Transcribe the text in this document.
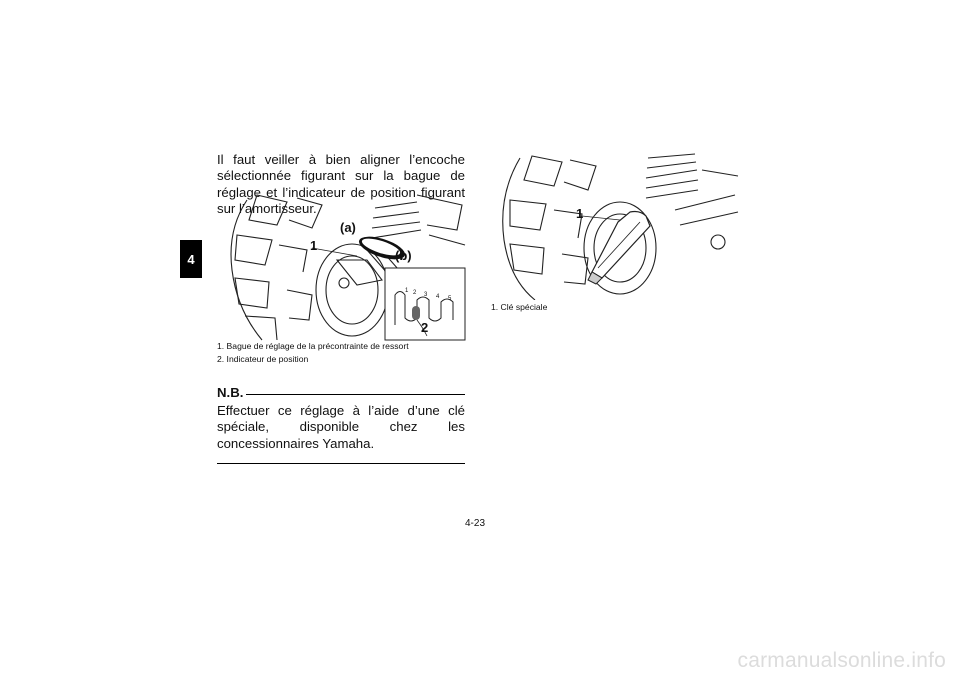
4

Il faut veiller à bien aligner l’encoche sélectionnée figurant sur la bague de réglage et l’indicateur de position figurant sur l’amortisseur.

1
(a)
(b)
2
1 2 3 4 5
1. Bague de réglage de la précontrainte de ressort
2. Indicateur de position
N.B.

Effectuer ce réglage à l’aide d’une clé spéciale, disponible chez les concessionnaires Yamaha.

1
1. Clé spéciale
4-23
carmanualsonline.info
